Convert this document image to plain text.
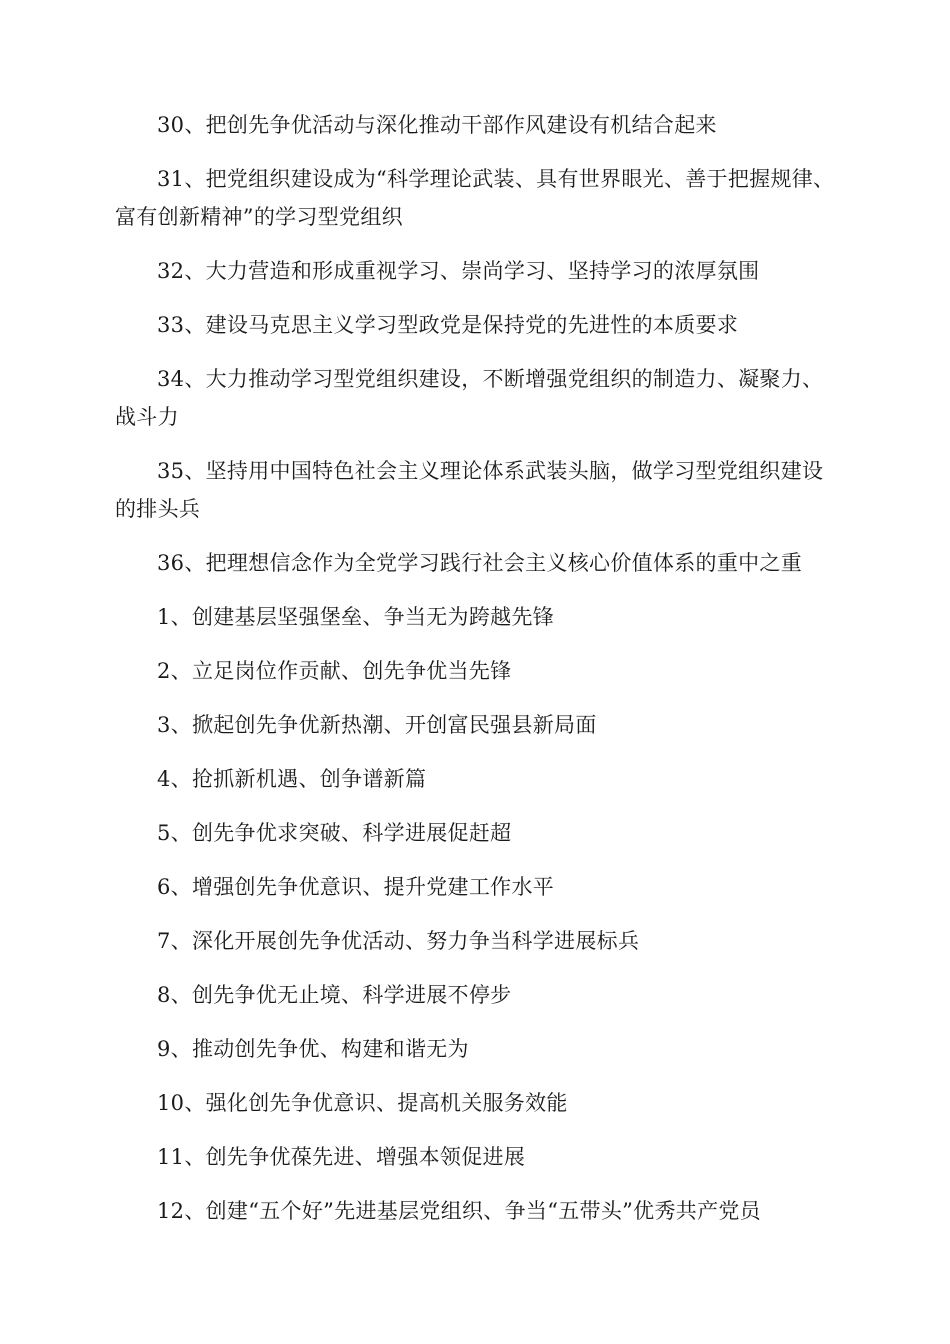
30、把创先争优活动与深化推动干部作风建设有机结合起来

31、把党组织建设成为“科学理论武装、具有世界眼光、善于把握规律、富有创新精神”的学习型党组织

32、大力营造和形成重视学习、崇尚学习、坚持学习的浓厚氛围

33、建设马克思主义学习型政党是保持党的先进性的本质要求

34、大力推动学习型党组织建设，不断增强党组织的制造力、凝聚力、战斗力

35、坚持用中国特色社会主义理论体系武装头脑，做学习型党组织建设的排头兵

36、把理想信念作为全党学习践行社会主义核心价值体系的重中之重

1、创建基层坚强堡垒、争当无为跨越先锋

2、立足岗位作贡献、创先争优当先锋

3、掀起创先争优新热潮、开创富民强县新局面

4、抢抓新机遇、创争谱新篇

5、创先争优求突破、科学进展促赶超

6、增强创先争优意识、提升党建工作水平

7、深化开展创先争优活动、努力争当科学进展标兵

8、创先争优无止境、科学进展不停步

9、推动创先争优、构建和谐无为

10、强化创先争优意识、提高机关服务效能

11、创先争优葆先进、增强本领促进展

12、创建“五个好”先进基层党组织、争当“五带头”优秀共产党员
